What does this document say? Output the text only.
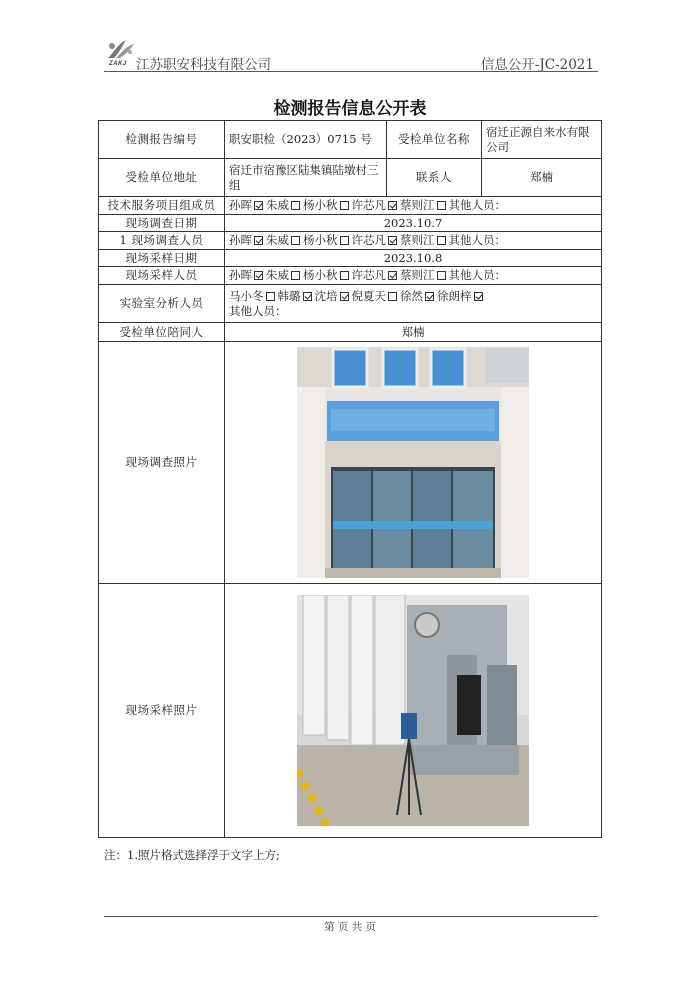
ZAKJ 江苏职安科技有限公司	信息公开-JC-2021
检测报告信息公开表
检测报告编号	职安职检（2023）0715 号	受检单位名称	宿迁正源自来水有限公司
受检单位地址	宿迁市宿豫区陆集镇陆墩村三组	联系人	郑楠
技术服务项目组成员	孙晖 朱威 杨小秋 许芯凡 蔡则江 其他人员：		
现场调查日期	2023.10.7		
1 现场调查人员	孙晖 朱威 杨小秋 许芯凡 蔡则江 其他人员：		
现场采样日期	2023.10.8		
现场采样人员	孙晖 朱威 杨小秋 许芯凡 蔡则江 其他人员：		
实验室分析人员	马小冬 韩璐 沈培 倪夏天 徐然 徐朗梓
其他人员：		
受检单位陪同人	郑楠		
现场调查照片	

现场采样照片	
注：1.照片格式选择浮于文字上方;
第 页 共 页
